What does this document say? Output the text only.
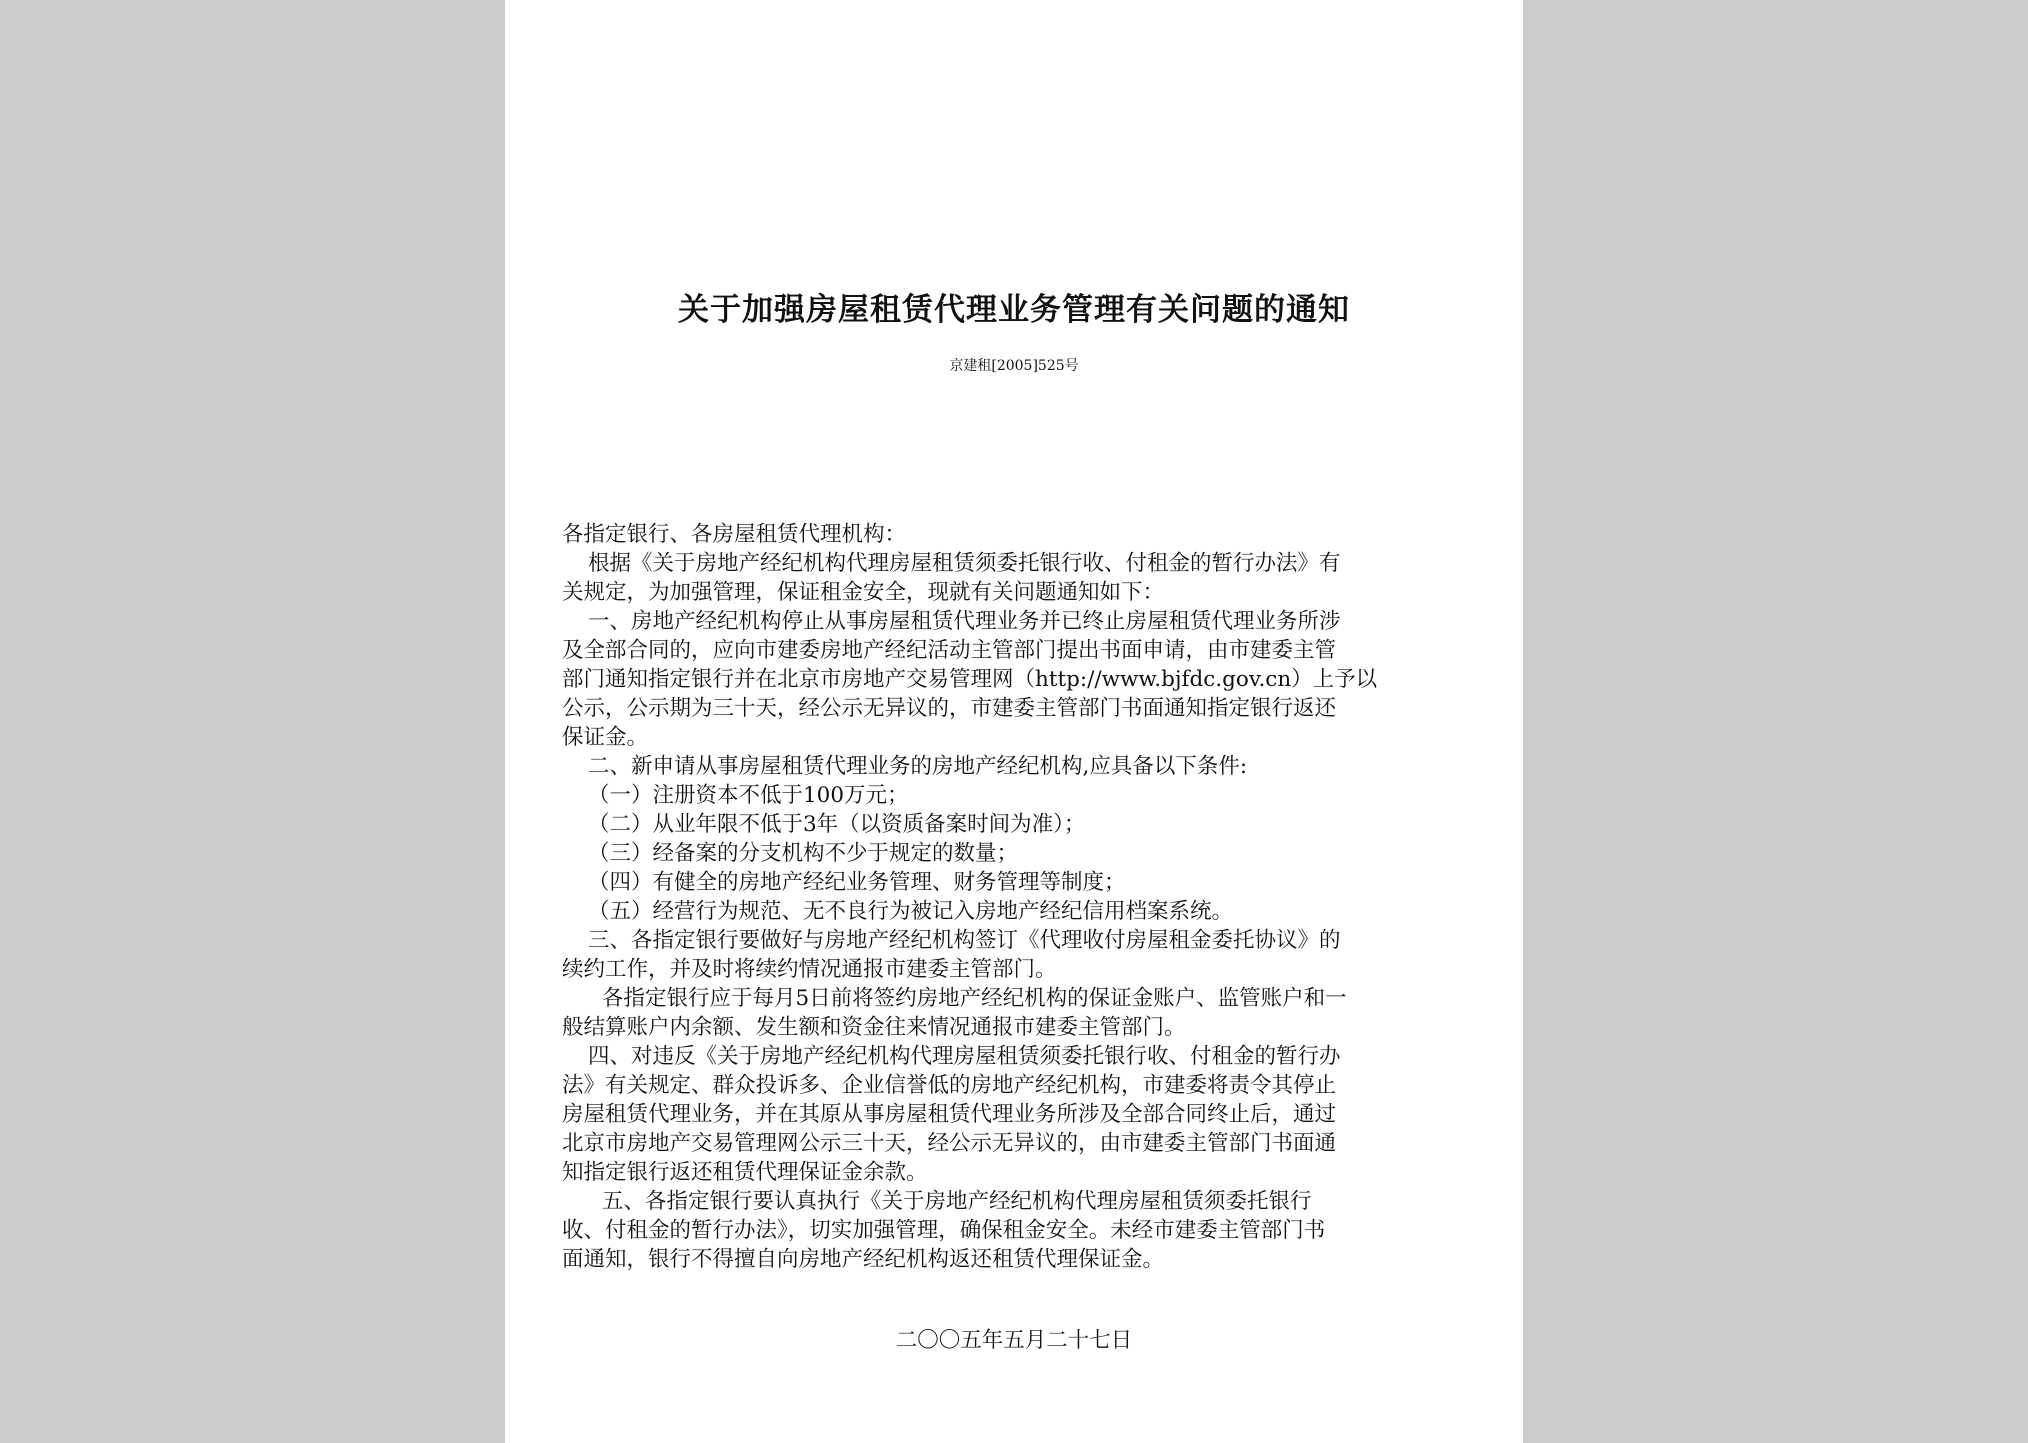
关于加强房屋租赁代理业务管理有关问题的通知
京建租[2005]525号
各指定银行、各房屋租赁代理机构：
根据《关于房地产经纪机构代理房屋租赁须委托银行收、付租金的暂行办法》有
关规定，为加强管理，保证租金安全，现就有关问题通知如下：
一、房地产经纪机构停止从事房屋租赁代理业务并已终止房屋租赁代理业务所涉
及全部合同的，应向市建委房地产经纪活动主管部门提出书面申请，由市建委主管
部门通知指定银行并在北京市房地产交易管理网（http://www.bjfdc.gov.cn）上予以
公示，公示期为三十天，经公示无异议的，市建委主管部门书面通知指定银行返还
保证金。
二、新申请从事房屋租赁代理业务的房地产经纪机构,应具备以下条件:
（一）注册资本不低于100万元；
（二）从业年限不低于3年（以资质备案时间为准）；
（三）经备案的分支机构不少于规定的数量；
（四）有健全的房地产经纪业务管理、财务管理等制度；
（五）经营行为规范、无不良行为被记入房地产经纪信用档案系统。
三、各指定银行要做好与房地产经纪机构签订《代理收付房屋租金委托协议》的
续约工作，并及时将续约情况通报市建委主管部门。
各指定银行应于每月5日前将签约房地产经纪机构的保证金账户、监管账户和一
般结算账户内余额、发生额和资金往来情况通报市建委主管部门。
四、对违反《关于房地产经纪机构代理房屋租赁须委托银行收、付租金的暂行办
法》有关规定、群众投诉多、企业信誉低的房地产经纪机构，市建委将责令其停止
房屋租赁代理业务，并在其原从事房屋租赁代理业务所涉及全部合同终止后，通过
北京市房地产交易管理网公示三十天，经公示无异议的，由市建委主管部门书面通
知指定银行返还租赁代理保证金余款。
五、各指定银行要认真执行《关于房地产经纪机构代理房屋租赁须委托银行
收、付租金的暂行办法》，切实加强管理，确保租金安全。未经市建委主管部门书
面通知，银行不得擅自向房地产经纪机构返还租赁代理保证金。
二〇〇五年五月二十七日
